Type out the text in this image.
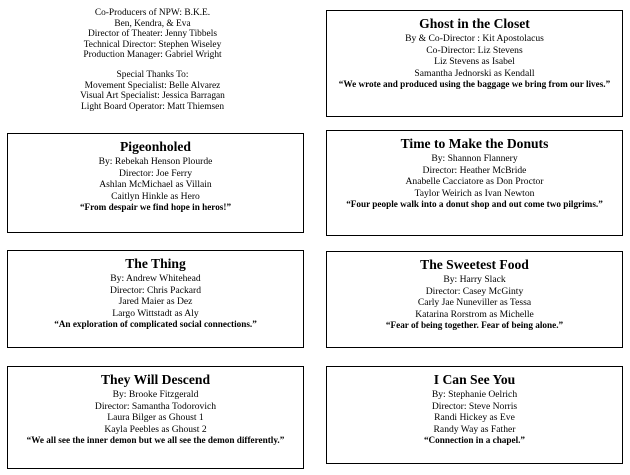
Co-Producers of NPW: B.K.E.
Ben, Kendra, & Eva
Director of Theater: Jenny Tibbels
Technical Director: Stephen Wiseley
Production Manager: Gabriel Wright
Special Thanks To:
Movement Specialist: Belle Alvarez
Visual Art Specialist: Jessica Barragan
Light Board Operator: Matt Thiemsen
Ghost in the Closet
By & Co-Director : Kit Apostolacus
Co-Director: Liz Stevens
Liz Stevens as Isabel
Samantha Jednorski as Kendall
“We wrote and produced using the baggage we bring from our lives.”
Pigeonholed
By: Rebekah Henson Plourde
Director: Joe Ferry
Ashlan McMichael as Villain
Caitlyn Hinkle as Hero
“From despair we find hope in heros!”
Time to Make the Donuts
By: Shannon Flannery
Director: Heather McBride
Anabelle Cacciatore as Don Proctor
Taylor Weirich as Ivan Newton
“Four people walk into a donut shop and out come two pilgrims.”
The Thing
By: Andrew Whitehead
Director: Chris Packard
Jared Maier as Dez
Largo Wittstadt as Aly
“An exploration of complicated social connections.”
The Sweetest Food
By: Harry Slack
Director: Casey McGinty
Carly Jae Nuneviller as Tessa
Katarina Rorstrom as Michelle
“Fear of being together. Fear of being alone.”
They Will Descend
By: Brooke Fitzgerald
Director: Samantha Todorovich
Laura Bilger as Ghoust 1
Kayla Peebles as Ghoust 2
“We all see the inner demon but we all see the demon differently.”
I Can See You
By: Stephanie Oelrich
Director: Steve Norris
Randi Hickey as Eve
Randy Way as Father
“Connection in a chapel.”
